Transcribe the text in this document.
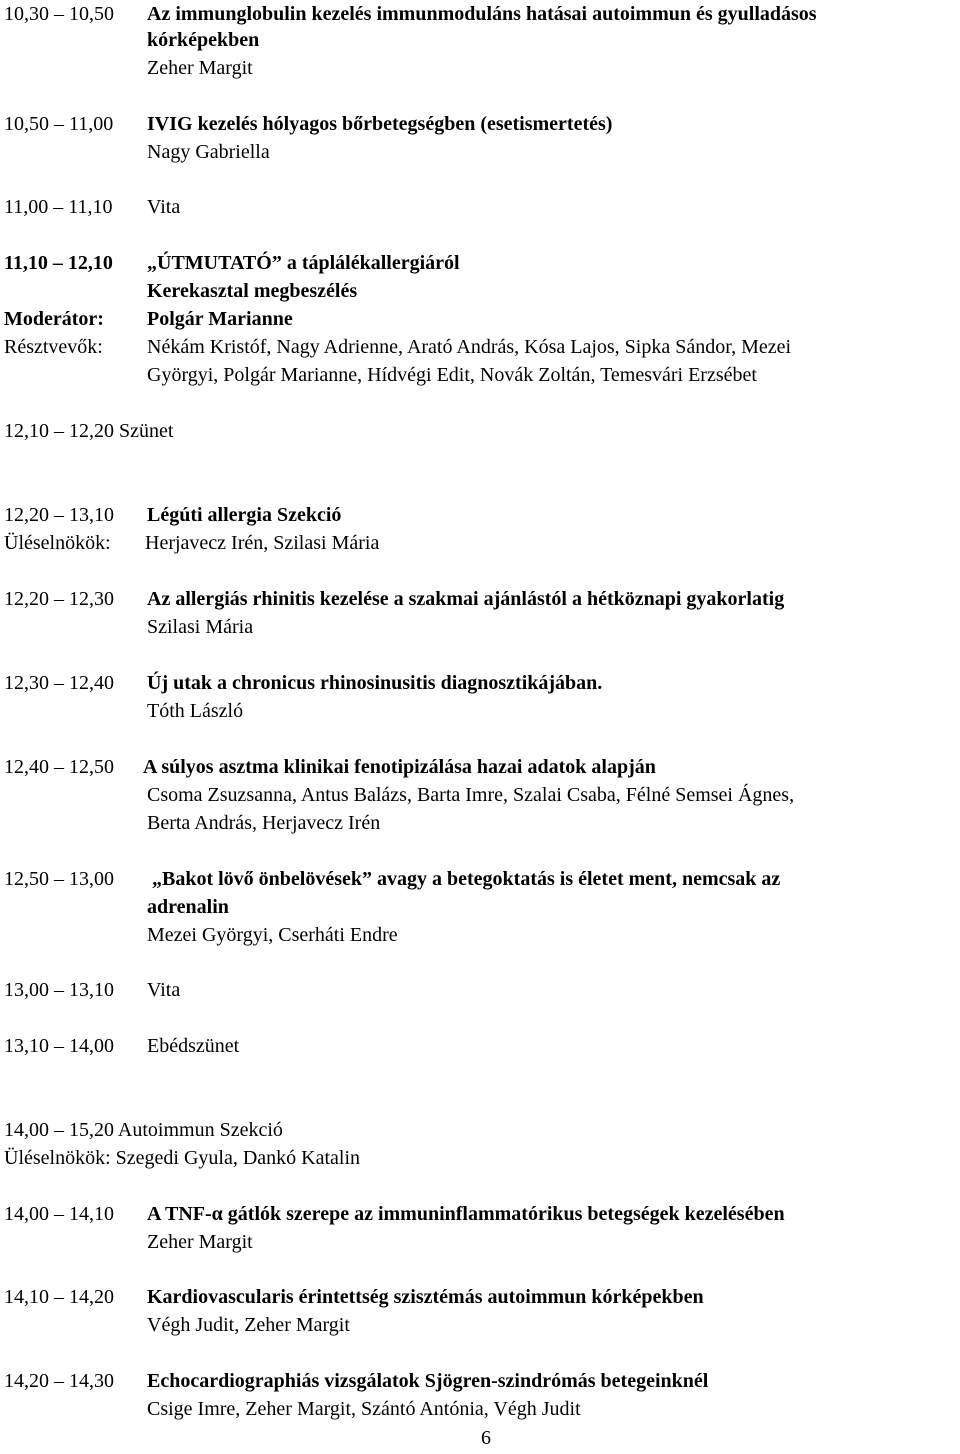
10,30 – 10,50 Az immunglobulin kezelés immunmoduláns hatásai autoimmun és gyulladásos
kórképekben
Zeher Margit
10,50 – 11,00 IVIG kezelés hólyagos bőrbetegségben (esetismertetés)
Nagy Gabriella
11,00 – 11,10 Vita
11,10 – 12,10 „ÚTMUTATÓ” a táplálékallergiáról
Kerekasztal megbeszélés
Moderátor: Polgár Marianne
Résztvevők: Nékám Kristóf, Nagy Adrienne, Arató András, Kósa Lajos, Sipka Sándor, Mezei
Györgyi, Polgár Marianne, Hídvégi Edit, Novák Zoltán, Temesvári Erzsébet
12,10 – 12,20 Szünet
12,20 – 13,10 Légúti allergia Szekció
Üléselnökök: Herjavecz Irén, Szilasi Mária
12,20 – 12,30 Az allergiás rhinitis kezelése a szakmai ajánlástól a hétköznapi gyakorlatig
Szilasi Mária
12,30 – 12,40 Új utak a chronicus rhinosinusitis diagnosztikájában.
Tóth László
12,40 – 12,50 A súlyos asztma klinikai fenotipizálása hazai adatok alapján
Csoma Zsuzsanna, Antus Balázs, Barta Imre, Szalai Csaba, Félné Semsei Ágnes,
Berta András, Herjavecz Irén
12,50 – 13,00 „Bakot lövő önbelövések” avagy a betegoktatás is életet ment, nemcsak az
adrenalin
Mezei Györgyi, Cserháti Endre
13,00 – 13,10 Vita
13,10 – 14,00 Ebédszünet
14,00 – 15,20 Autoimmun Szekció
Üléselnökök: Szegedi Gyula, Dankó Katalin
14,00 – 14,10 A TNF-α gátlók szerepe az immuninflammatórikus betegségek kezelésében
Zeher Margit
14,10 – 14,20 Kardiovascularis érintettség szisztémás autoimmun kórképekben
Végh Judit, Zeher Margit
14,20 – 14,30 Echocardiographiás vizsgálatok Sjögren-szindrómás betegeinknél
Csige Imre, Zeher Margit, Szántó Antónia, Végh Judit
6
